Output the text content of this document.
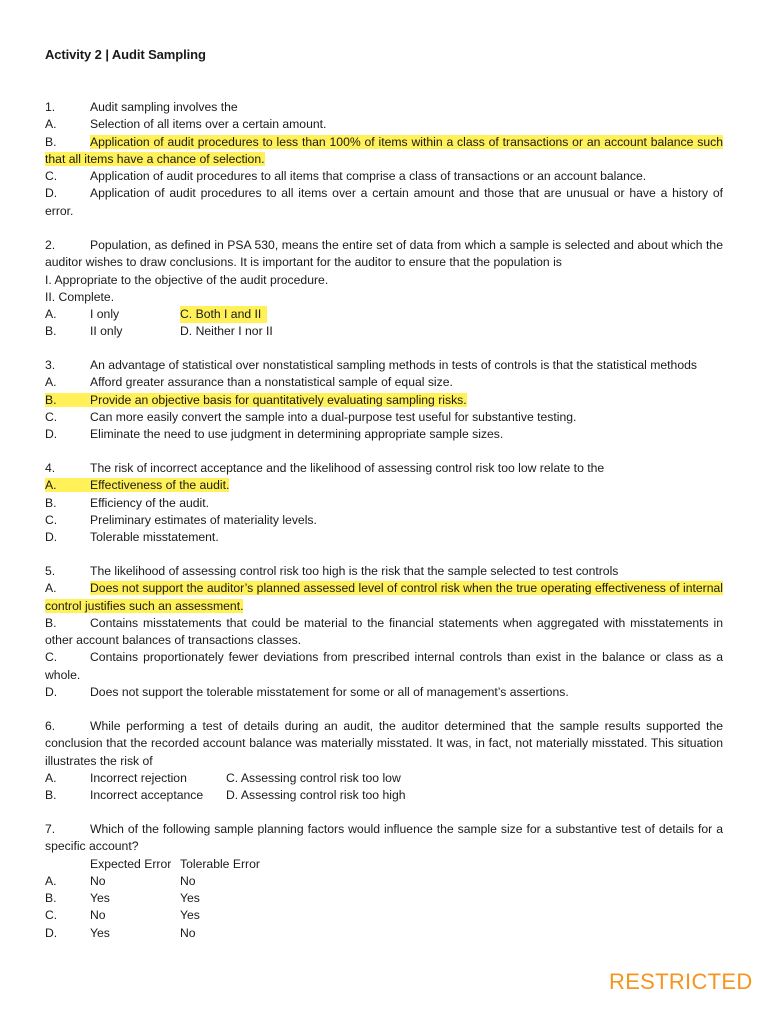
Activity 2 | Audit Sampling
1.	Audit sampling involves the
A.	Selection of all items over a certain amount.
B.	Application of audit procedures to less than 100% of items within a class of transactions or an account balance such that all items have a chance of selection.
C.	Application of audit procedures to all items that comprise a class of transactions or an account balance.
D.	Application of audit procedures to all items over a certain amount and those that are unusual or have a history of error.
2.	Population, as defined in PSA 530, means the entire set of data from which a sample is selected and about which the auditor wishes to draw conclusions. It is important for the auditor to ensure that the population is
I. Appropriate to the objective of the audit procedure.
II. Complete.
A.	I only	C. Both I and II
B.	II only	D. Neither I nor II
3.	An advantage of statistical over nonstatistical sampling methods in tests of controls is that the statistical methods
A.	Afford greater assurance than a nonstatistical sample of equal size.
B.	Provide an objective basis for quantitatively evaluating sampling risks.
C.	Can more easily convert the sample into a dual-purpose test useful for substantive testing.
D.	Eliminate the need to use judgment in determining appropriate sample sizes.
4.	The risk of incorrect acceptance and the likelihood of assessing control risk too low relate to the
A.	Effectiveness of the audit.
B.	Efficiency of the audit.
C.	Preliminary estimates of materiality levels.
D.	Tolerable misstatement.
5.	The likelihood of assessing control risk too high is the risk that the sample selected to test controls
A.	Does not support the auditor’s planned assessed level of control risk when the true operating effectiveness of internal control justifies such an assessment.
B.	Contains misstatements that could be material to the financial statements when aggregated with misstatements in other account balances of transactions classes.
C.	Contains proportionately fewer deviations from prescribed internal controls than exist in the balance or class as a whole.
D.	Does not support the tolerable misstatement for some or all of management’s assertions.
6.	While performing a test of details during an audit, the auditor determined that the sample results supported the conclusion that the recorded account balance was materially misstated. It was, in fact, not materially misstated. This situation illustrates the risk of
A.	Incorrect rejection	C. Assessing control risk too low
B.	Incorrect acceptance D. Assessing control risk too high
7.	Which of the following sample planning factors would influence the sample size for a substantive test of details for a specific account?
Expected Error Tolerable Error
A.	No	No
B.	Yes	Yes
C.	No	Yes
D.	Yes	No
RESTRICTED
